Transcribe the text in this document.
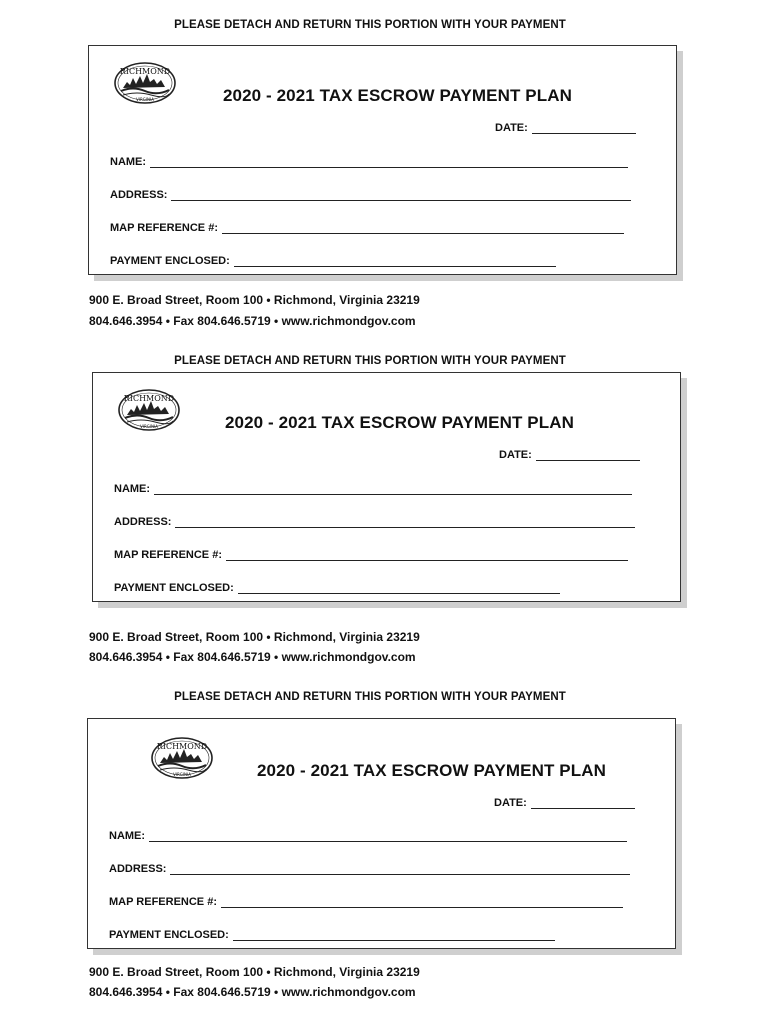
PLEASE DETACH AND RETURN THIS PORTION WITH YOUR PAYMENT
RICHMOND
VIRGINIA	2020 - 2021 TAX ESCROW PAYMENT PLAN
DATE:
NAME:
ADDRESS:
MAP REFERENCE #:
PAYMENT ENCLOSED:
900 E. Broad Street, Room 100 • Richmond, Virginia 23219
804.646.3954 • Fax 804.646.5719 • www.richmondgov.com
PLEASE DETACH AND RETURN THIS PORTION WITH YOUR PAYMENT
RICHMOND
VIRGINIA	2020 - 2021 TAX ESCROW PAYMENT PLAN
DATE:
NAME:
ADDRESS:
MAP REFERENCE #:
PAYMENT ENCLOSED:
900 E. Broad Street, Room 100 • Richmond, Virginia 23219
804.646.3954 • Fax 804.646.5719 • www.richmondgov.com
PLEASE DETACH AND RETURN THIS PORTION WITH YOUR PAYMENT
RICHMOND
VIRGINIA	2020 - 2021 TAX ESCROW PAYMENT PLAN
DATE:
NAME:
ADDRESS:
MAP REFERENCE #:
PAYMENT ENCLOSED:
900 E. Broad Street, Room 100 • Richmond, Virginia 23219
804.646.3954 • Fax 804.646.5719 • www.richmondgov.com
